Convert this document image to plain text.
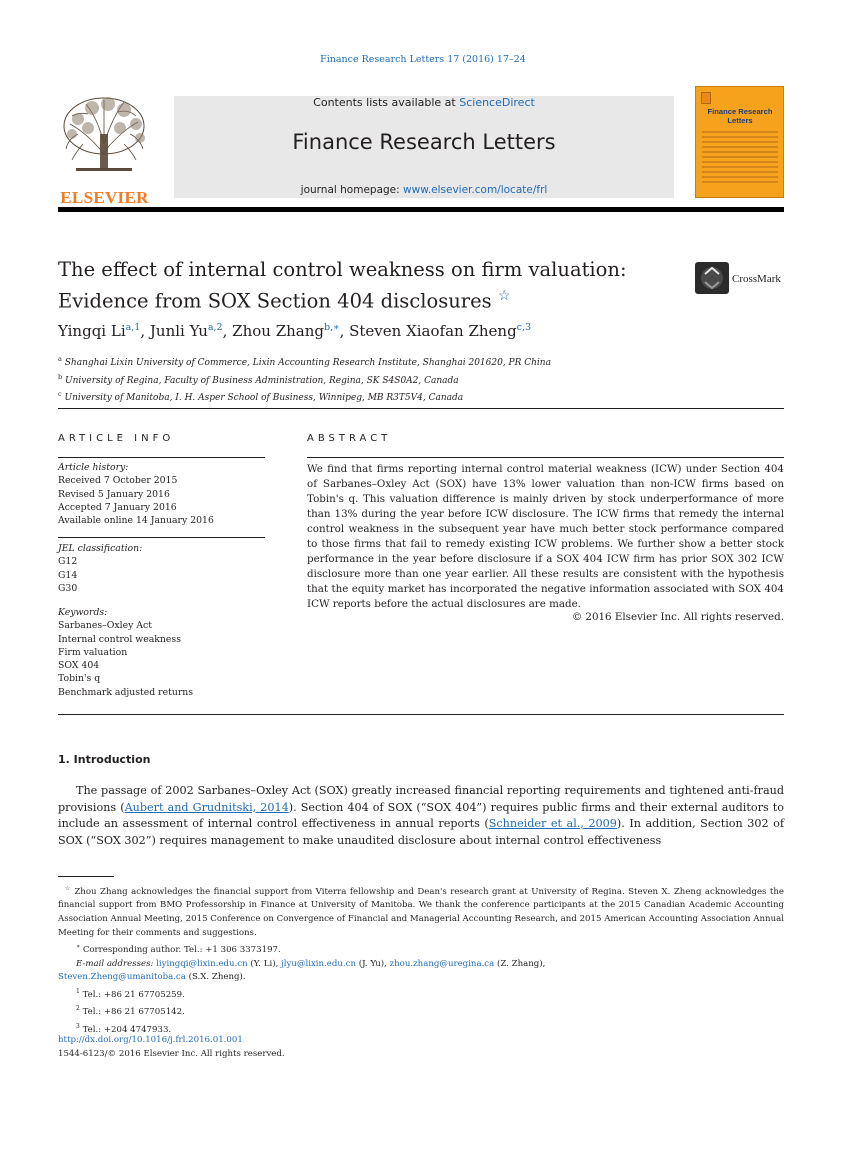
Finance Research Letters 17 (2016) 17–24
ELSEVIER
Contents lists available at ScienceDirect
Finance Research Letters
journal homepage: www.elsevier.com/locate/frl
Finance Research Letters
The effect of internal control weakness on firm valuation:
Evidence from SOX Section 404 disclosures ☆
CrossMark
Yingqi Li$^{a,1}$, Junli Yu$^{a,2}$, Zhou Zhang$^{b,∗}$, Steven Xiaofan Zheng$^{c,3}$
$^a$ Shanghai Lixin University of Commerce, Lixin Accounting Research Institute, Shanghai 201620, PR China
$^b$ University of Regina, Faculty of Business Administration, Regina, SK S4S0A2, Canada
$^c$ University of Manitoba, I. H. Asper School of Business, Winnipeg, MB R3T5V4, Canada
ARTICLE INFO	ABSTRACT
Article history:
Received 7 October 2015
Revised 5 January 2016
Accepted 7 January 2016
Available online 14 January 2016
JEL classification:
G12
G14
G30
Keywords:
Sarbanes–Oxley Act
Internal control weakness
Firm valuation
SOX 404
Tobin's q
Benchmark adjusted returns
We find that firms reporting internal control material weakness (ICW) under Section 404 of Sarbanes–Oxley Act (SOX) have 13% lower valuation than non-ICW firms based on Tobin's q. This valuation difference is mainly driven by stock underperformance of more than 13% during the year before ICW disclosure. The ICW firms that remedy the internal control weakness in the subsequent year have much better stock performance compared to those firms that fail to remedy existing ICW problems. We further show a better stock performance in the year before disclosure if a SOX 404 ICW firm has prior SOX 302 ICW disclosure more than one year earlier. All these results are consistent with the hypothesis that the equity market has incorporated the negative information associated with SOX 404 ICW reports before the actual disclosures are made.
© 2016 Elsevier Inc. All rights reserved.
1. Introduction
The passage of 2002 Sarbanes–Oxley Act (SOX) greatly increased financial reporting requirements and tightened anti-fraud provisions (Aubert and Grudnitski, 2014). Section 404 of SOX (“SOX 404”) requires public firms and their external auditors to include an assessment of internal control effectiveness in annual reports (Schneider et al., 2009). In addition, Section 302 of SOX (“SOX 302”) requires management to make unaudited disclosure about internal control effectiveness
☆ Zhou Zhang acknowledges the financial support from Viterra fellowship and Dean's research grant at University of Regina. Steven X. Zheng acknowledges the financial support from BMO Professorship in Finance at University of Manitoba. We thank the conference participants at the 2015 Canadian Academic Accounting Association Annual Meeting, 2015 Conference on Convergence of Financial and Managerial Accounting Research, and 2015 American Accounting Association Annual Meeting for their comments and suggestions.
∗ Corresponding author. Tel.: +1 306 3373197.
E-mail addresses: liyingqi@lixin.edu.cn (Y. Li), jlyu@lixin.edu.cn (J. Yu), zhou.zhang@uregina.ca (Z. Zhang),
Steven.Zheng@umanitoba.ca (S.X. Zheng).
$^1$ Tel.: +86 21 67705259.
$^2$ Tel.: +86 21 67705142.
$^3$ Tel.: +204 4747933.
http://dx.doi.org/10.1016/j.frl.2016.01.001
1544-6123/© 2016 Elsevier Inc. All rights reserved.
